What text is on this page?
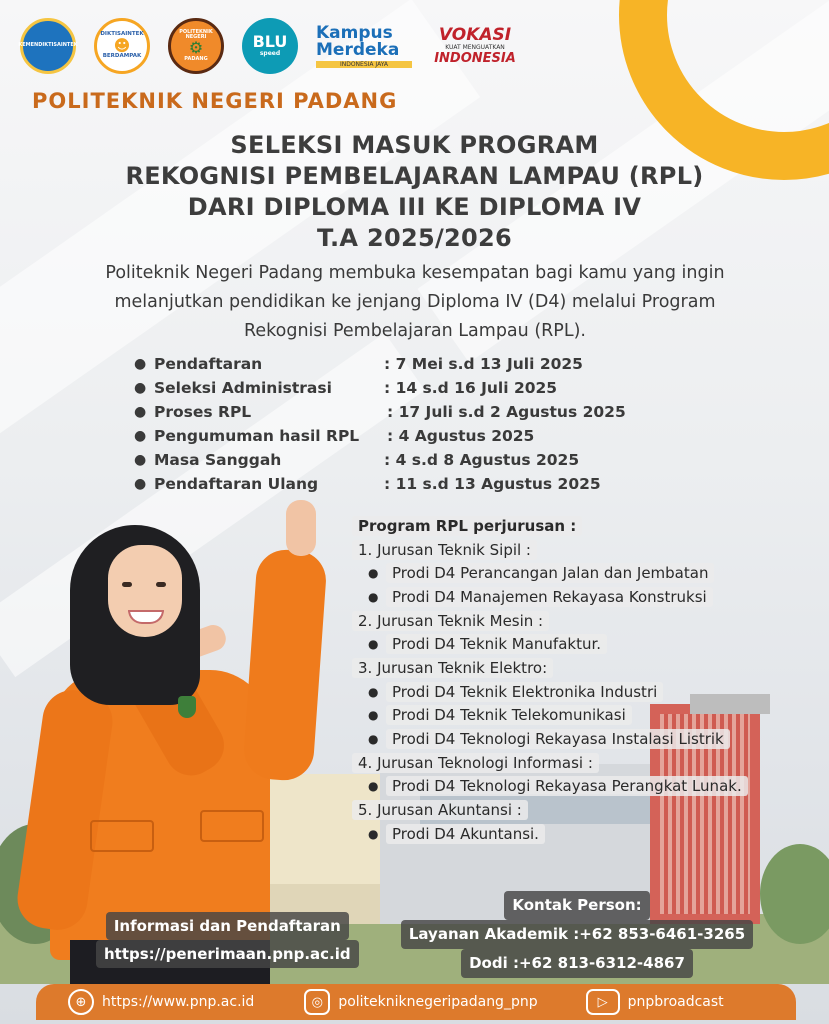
KEMENDIKTISAINTEK
DIKTISAINTEK
☻
BERDAMPAK
POLITEKNIK NEGERI
⚙
PADANG
BLU
speed
Kampus
Merdeka
INDONESIA JAYA
VOKASI
KUAT MENGUATKAN
INDONESIA
POLITEKNIK NEGERI PADANG
SELEKSI MASUK PROGRAM
REKOGNISI PEMBELAJARAN LAMPAU (RPL)
DARI DIPLOMA III KE DIPLOMA IV
T.A 2025/2026
Politeknik Negeri Padang membuka kesempatan bagi kamu yang ingin
melanjutkan pendidikan ke jenjang Diploma IV (D4) melalui Program
Rekognisi Pembelajaran Lampau (RPL).
● Pendaftaran	: 7 Mei s.d 13 Juli 2025
● Seleksi Administrasi	: 14 s.d 16 Juli 2025
● Proses RPL	: 17 Juli s.d 2 Agustus 2025
● Pengumuman hasil RPL	: 4 Agustus 2025
● Masa Sanggah	: 4 s.d 8 Agustus 2025
● Pendaftaran Ulang	: 11 s.d 13 Agustus 2025
Program RPL perjurusan :
1. Jurusan Teknik Sipil :
● Prodi D4 Perancangan Jalan dan Jembatan
● Prodi D4 Manajemen Rekayasa Konstruksi
2. Jurusan Teknik Mesin :
● Prodi D4 Teknik Manufaktur.
3. Jurusan Teknik Elektro:
● Prodi D4 Teknik Elektronika Industri
● Prodi D4 Teknik Telekomunikasi
● Prodi D4 Teknologi Rekayasa Instalasi Listrik
4. Jurusan Teknologi Informasi :
● Prodi D4 Teknologi Rekayasa Perangkat Lunak.
5. Jurusan Akuntansi :
● Prodi D4 Akuntansi.
Informasi dan Pendaftaran
https://penerimaan.pnp.ac.id
Kontak Person:
Layanan Akademik :+62 853-6461-3265
Dodi :+62 813-6312-4867
⊕	https://www.pnp.ac.id	◎	politekniknegeripadang_pnp	▷	pnpbroadcast
